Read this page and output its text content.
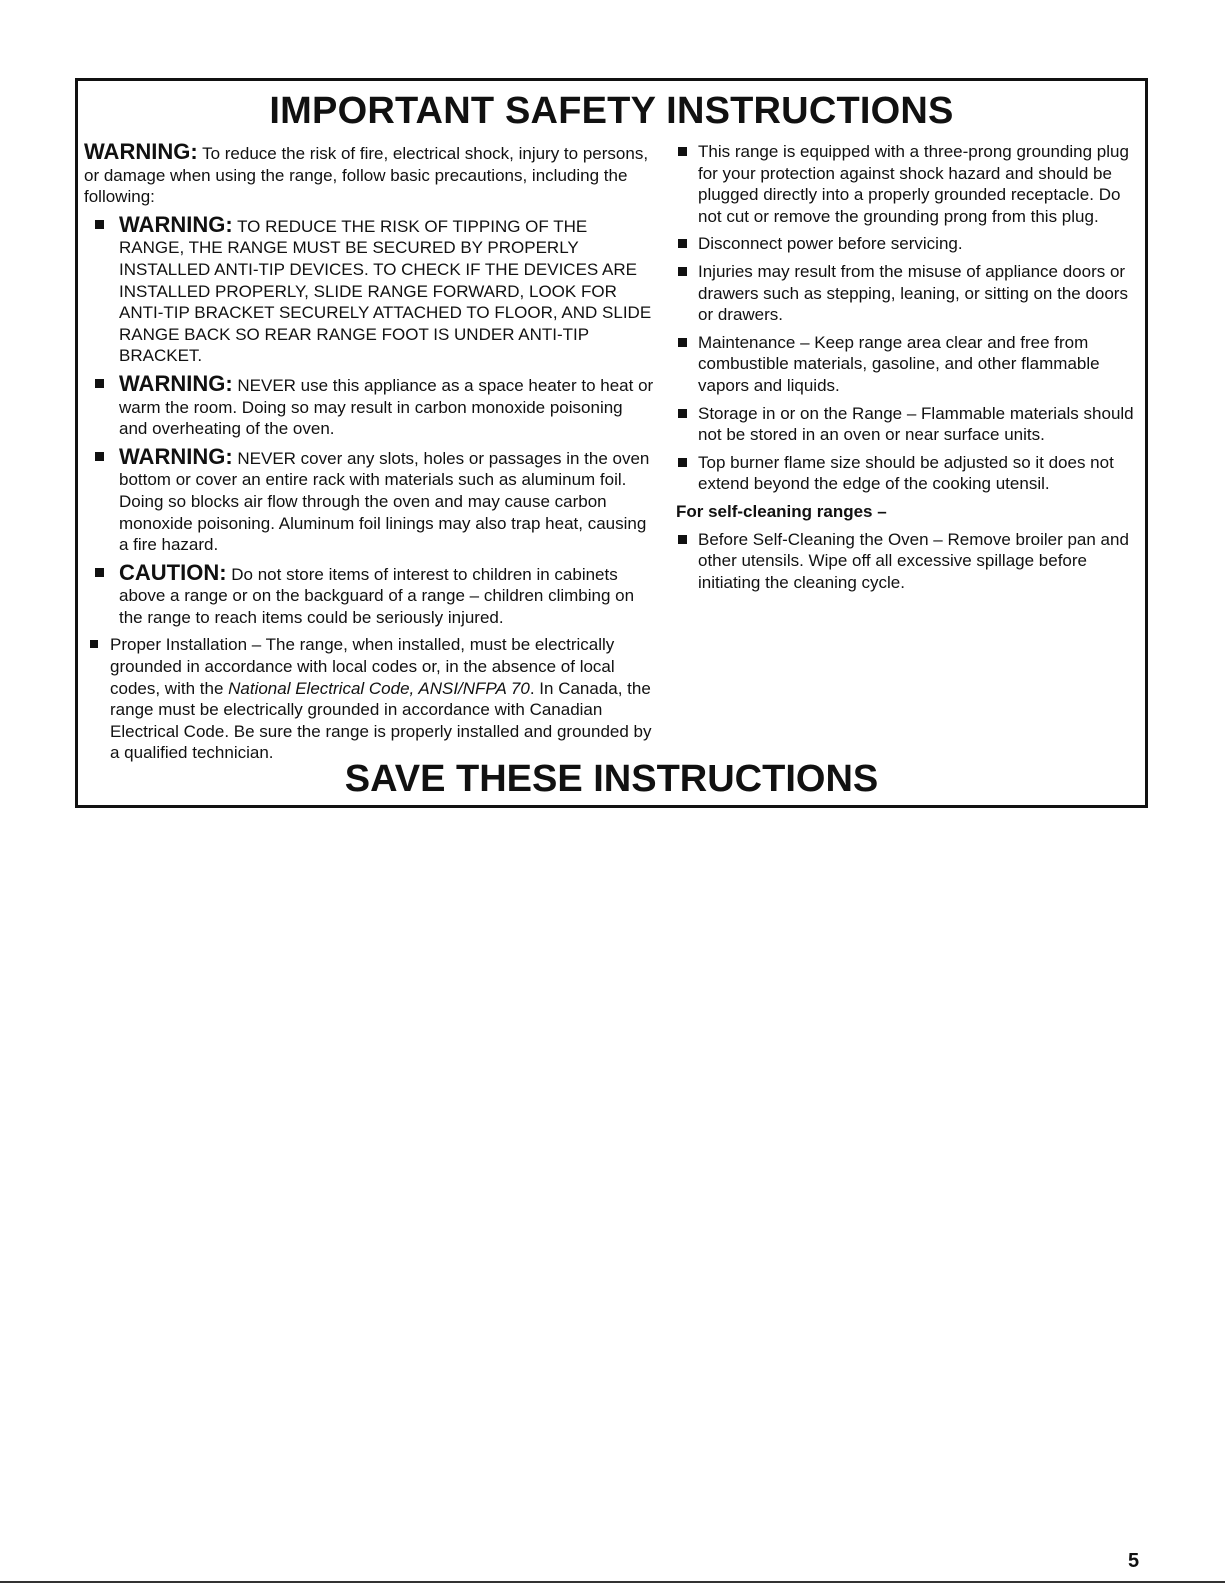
IMPORTANT SAFETY INSTRUCTIONS

WARNING: To reduce the risk of fire, electrical shock, injury to persons, or damage when using the range, follow basic precautions, including the following:

WARNING: TO REDUCE THE RISK OF TIPPING OF THE RANGE, THE RANGE MUST BE SECURED BY PROPERLY INSTALLED ANTI-TIP DEVICES. TO CHECK IF THE DEVICES ARE INSTALLED PROPERLY, SLIDE RANGE FORWARD, LOOK FOR ANTI-TIP BRACKET SECURELY ATTACHED TO FLOOR, AND SLIDE RANGE BACK SO REAR RANGE FOOT IS UNDER ANTI-TIP BRACKET.
WARNING: NEVER use this appliance as a space heater to heat or warm the room. Doing so may result in carbon monoxide poisoning and overheating of the oven.
WARNING: NEVER cover any slots, holes or passages in the oven bottom or cover an entire rack with materials such as aluminum foil. Doing so blocks air flow through the oven and may cause carbon monoxide poisoning. Aluminum foil linings may also trap heat, causing a fire hazard.
CAUTION: Do not store items of interest to children in cabinets above a range or on the backguard of a range – children climbing on the range to reach items could be seriously injured.
Proper Installation – The range, when installed, must be electrically grounded in accordance with local codes or, in the absence of local codes, with the National Electrical Code, ANSI/NFPA 70. In Canada, the range must be electrically grounded in accordance with Canadian Electrical Code. Be sure the range is properly installed and grounded by a qualified technician.
This range is equipped with a three-prong grounding plug for your protection against shock hazard and should be plugged directly into a properly grounded receptacle. Do not cut or remove the grounding prong from this plug.
Disconnect power before servicing.
Injuries may result from the misuse of appliance doors or drawers such as stepping, leaning, or sitting on the doors or drawers.
Maintenance – Keep range area clear and free from combustible materials, gasoline, and other flammable vapors and liquids.
Storage in or on the Range – Flammable materials should not be stored in an oven or near surface units.
Top burner flame size should be adjusted so it does not extend beyond the edge of the cooking utensil.

For self-cleaning ranges –

Before Self-Cleaning the Oven – Remove broiler pan and other utensils. Wipe off all excessive spillage before initiating the cleaning cycle.
SAVE THESE INSTRUCTIONS
5
